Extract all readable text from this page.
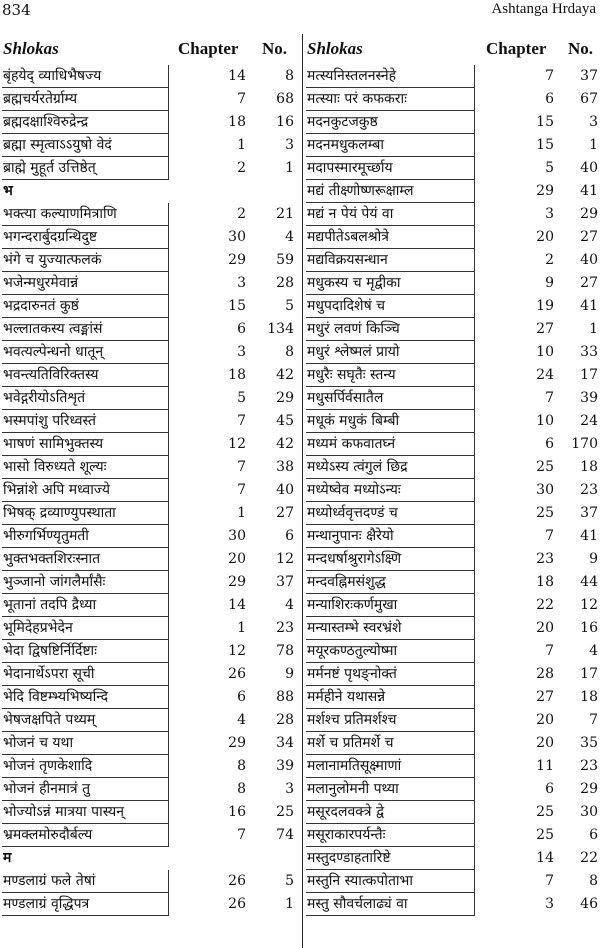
834	Ashtanga Hrdaya
Shlokas	Chapter No.
बृंहयेद् व्याधिभैषज्य	14	8
ब्रह्मचर्यरतेर्ग्राम्य	7	68
ब्रह्मदक्षाश्विरुद्रेन्द्र	18	16
ब्रह्मा स्मृत्वाऽऽयुषो वेदं	1	3
ब्राह्मे मुहूर्त उत्तिष्ठेत्	2	1
भ
भक्त्या कल्याणमित्राणि	2	21
भगन्दरार्बुदग्रन्थिदुष्ट	30	4
भंगे च युज्यात्फलकं	29	59
भजेन्मधुरमेवान्नं	3	28
भद्रदारुनतं कुष्ठं	15	5
भल्लातकस्य त्वङ्मांसं	6	134
भवत्यल्पेन्धनो धातून्	3	8
भवन्त्यतिविरिक्तस्य	18	42
भवेद्गरीयोऽतिशृतं	5	29
भस्मपांशु परिध्वस्तं	7	45
भाषणं सामिभुक्तस्य	12	42
भासो विरुध्यते शूल्यः	7	38
भिन्नांशे अपि मध्वाज्ये	7	40
भिषक् द्रव्याण्युपस्थाता	1	27
भीरुगर्भिण्यृतुमती	30	6
भुक्तभक्तशिरःस्नात	20	12
भुञ्जानो जांगलैर्मांसैः	29	37
भूतानां तदपि द्रैध्या	14	4
भूमिदेहप्रभेदेन	1	23
भेदा द्विषष्टिर्निर्दिष्टाः	12	78
भेदानार्थेऽपरा सूची	26	9
भेदि विष्टम्भ्यभिष्यन्दि	6	88
भेषजक्षपिते पथ्यम्	4	28
भोजनं च यथा	29	34
भोजनं तृणकेशादि	8	39
भोजनं हीनमात्रं तु	8	3
भोज्योऽन्नं मात्रया पास्यन्	16	25
भ्रमक्लमोरुदौर्बल्य	7	74
म
मण्डलाग्रं फले तेषां	26	5
मण्डलाग्रं वृद्धिपत्र	26	1
Shlokas	Chapter No.
मत्स्यनिस्तलनस्नेहे	7	37
मत्स्याः परं कफकराः	6	67
मदनकुटजकुष्ठ	15	3
मदनमधुकलम्बा	15	1
मदापस्मारमूर्च्छाय	5	40
मद्यं तीक्ष्णोष्णरूक्षाम्ल	29	41
मद्यं न पेयं पेयं वा	3	29
मद्यपीतेऽबलश्रोत्रे	20	27
मद्यविक्रयसन्धान	2	40
मधुकस्य च मृद्वीका	9	27
मधुपदादिशेषं च	19	41
मधुरं लवणं किञ्चि	27	1
मधुरं श्लेष्मलं प्रायो	10	33
मधुरैः सघृतैः स्तन्य	24	17
मधुसर्पिर्वसातैल	7	39
मधूकं मधुकं बिम्बी	10	24
मध्यमं कफवातघ्नं	6	170
मध्येऽस्य त्वंगुलं छिद्र	25	18
मध्येष्वेव मध्योऽन्यः	30	23
मध्योर्ध्ववृत्तदण्डं च	25	37
मन्थानुपानः क्षैरेयो	7	41
मन्दधर्षाश्रुरागेऽक्ष्णि	23	9
मन्दवह्निमसंशुद्ध	18	44
मन्याशिरःकर्णमुखा	22	12
मन्यास्तम्भे स्वरभ्रंशे	20	16
मयूरकण्ठतुल्योष्मा	7	4
मर्मनष्टं पृथङ्नोक्तं	28	17
मर्महीने यथासन्ने	27	18
मर्शश्च प्रतिमर्शश्च	20	7
मर्शे च प्रतिमर्शे च	20	35
मलानामतिसूक्ष्माणां	11	23
मलानुलोमनी पथ्या	6	29
मसूरदलवक्त्रे द्वे	25	30
मसूराकारपर्यन्तैः	25	6
मस्तुदण्डाहतारिष्टे	14	22
मस्तुनि स्यात्कपोताभा	7	8
मस्तु सौवर्चलाढ्यं वा	3	46
